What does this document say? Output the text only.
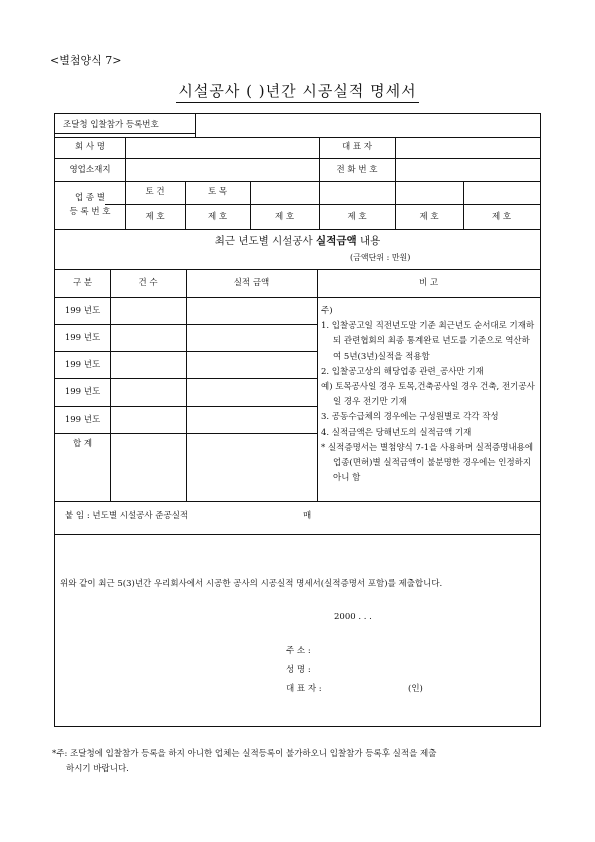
<별첨양식 7>
시설공사 ( )년간 시공실적 명세서
조달청 입찰참가 등록번호
회 사 명	대 표 자
영업소재지	전 화 번 호
업 종 별
등 록 번 호
토 건	토 목
제 호	제 호	제 호	제 호	제 호	제 호
최근 년도별 시설공사 실적금액 내용
(금액단위 : 만원)
구 분	건 수	실적 금액	비 고
199 년도
199 년도
199 년도
199 년도
199 년도
합 계
주)
1. 입찰공고일 직전년도말 기준 최근년도 순서대로 기재하되 관련협회의 최종 통계완료 년도를 기준으로 역산하여 5년(3년)실적을 적용함
2. 입찰공고상의 해당업종 관련_공사만 기재
예) 토목공사일 경우 토목,건축공사일 경우 건축, 전기공사일 경우 전기만 기재
3. 공동수급체의 경우에는 구성원별로 각각 작성
4. 실적금액은 당해년도의 실적금액 기재
* 실적증명서는 별첨양식 7-1을 사용하며 실적증명내용에 업종(면허)별 실적금액이 불분명한 경우에는 인정하지 아니 함
붙 임 : 년도별 시설공사 준공실적	매
위와 같이 최근 5(3)년간 우리회사에서 시공한 공사의 시공실적 명세서(실적증명서 포함)를 제출합니다.
2000 . . .
주 소 :
성 명 :
대 표 자 :	(인)
*주: 조달청에 입찰참가 등록을 하지 아니한 업체는 실적등록이 불가하오니 입찰참가 등록후 실적을 제출
하시기 바랍니다.
